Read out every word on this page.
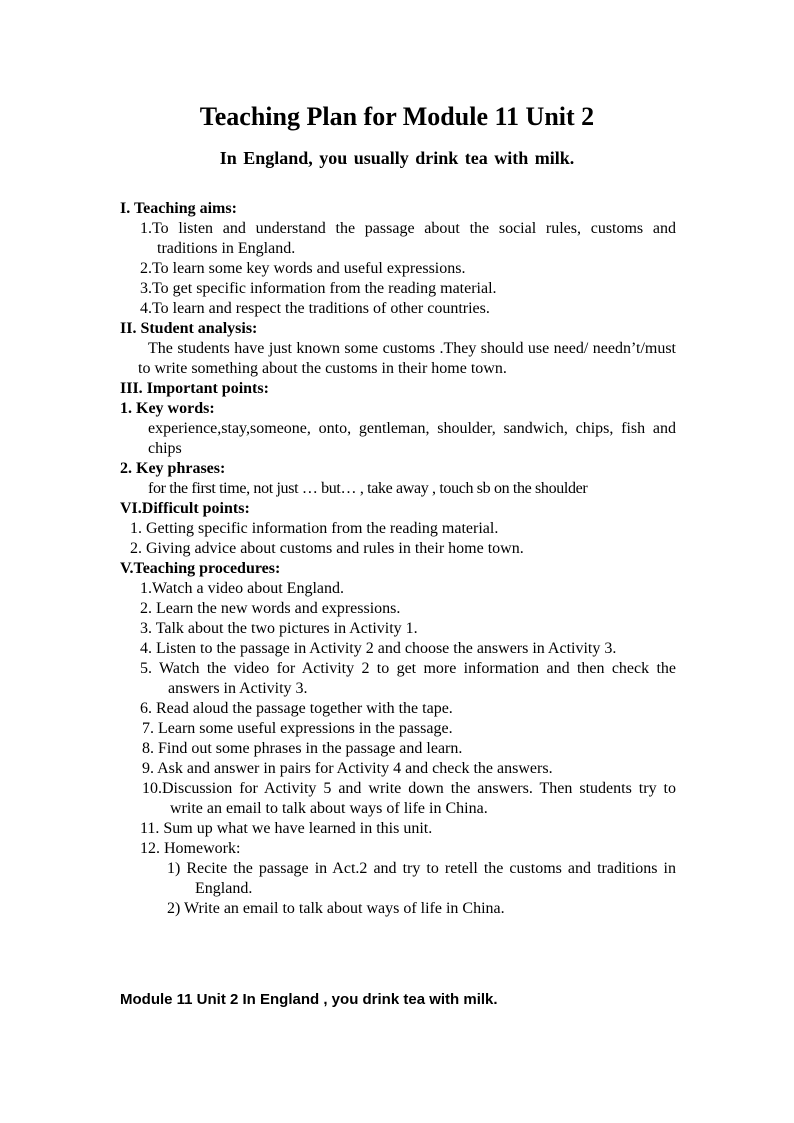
Teaching Plan for Module 11 Unit 2
In England, you usually drink tea with milk.
I. Teaching aims:
1.To listen and understand the passage about the social rules, customs and traditions in England.
2.To learn some key words and useful expressions.
3.To get specific information from the reading material.
4.To learn and respect the traditions of other countries.
II. Student analysis:
The students have just known some customs .They should use need/ needn’t/must to write something about the customs in their home town.
III. Important points:
1. Key words:
experience,stay,someone, onto, gentleman, shoulder, sandwich, chips, fish and chips
2. Key phrases:
for the first time, not just … but… , take away , touch sb on the shoulder
VI.Difficult points:
1. Getting specific information from the reading material.
2. Giving advice about customs and rules in their home town.
V.Teaching procedures:
1.Watch a video about England.
2. Learn the new words and expressions.
3. Talk about the two pictures in Activity 1.
4. Listen to the passage in Activity 2 and choose the answers in Activity 3.
5. Watch the video for Activity 2 to get more information and then check the answers in Activity 3.
6. Read aloud the passage together with the tape.
7. Learn some useful expressions in the passage.
8. Find out some phrases in the passage and learn.
9. Ask and answer in pairs for Activity 4 and check the answers.
10.Discussion for Activity 5 and write down the answers. Then students try to write an email to talk about ways of life in China.
11. Sum up what we have learned in this unit.
12. Homework:
1) Recite the passage in Act.2 and try to retell the customs and traditions in England.
2) Write an email to talk about ways of life in China.
Module 11 Unit 2 In England , you drink tea with milk.
